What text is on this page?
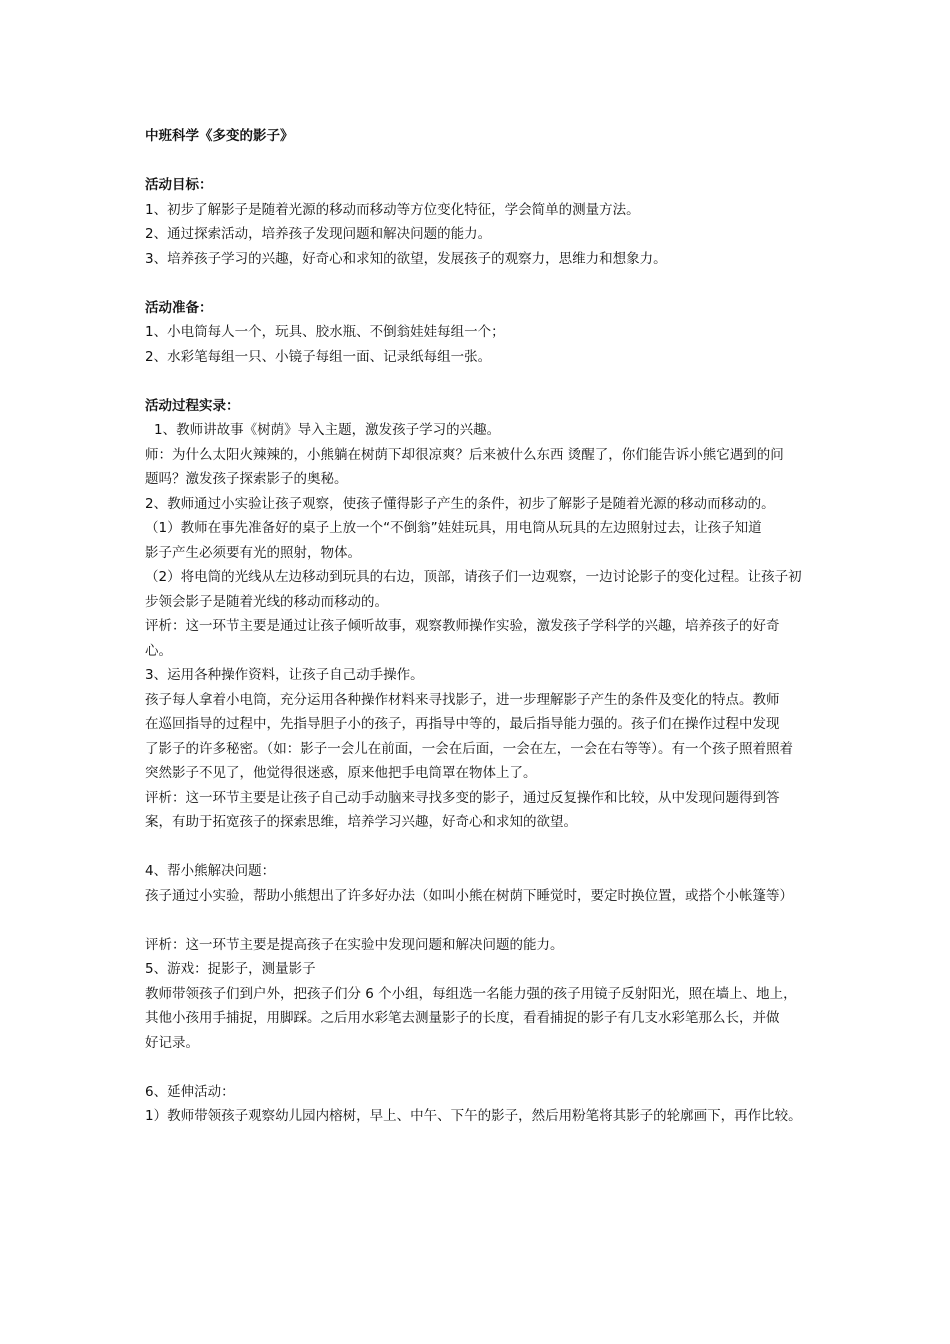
中班科学《多变的影子》
活动目标：
1、初步了解影子是随着光源的移动而移动等方位变化特征，学会简单的测量方法。
2、通过探索活动，培养孩子发现问题和解决问题的能力。
3、培养孩子学习的兴趣，好奇心和求知的欲望，发展孩子的观察力，思维力和想象力。
活动准备：
1、小电筒每人一个，玩具、胶水瓶、不倒翁娃娃每组一个；
2、水彩笔每组一只、小镜子每组一面、记录纸每组一张。
活动过程实录：
1、教师讲故事《树荫》导入主题，激发孩子学习的兴趣。
师：为什么太阳火辣辣的，小熊躺在树荫下却很凉爽？后来被什么东西 烫醒了，你们能告诉小熊它遇到的问
题吗？激发孩子探索影子的奥秘。
2、教师通过小实验让孩子观察，使孩子懂得影子产生的条件，初步了解影子是随着光源的移动而移动的。
（1）教师在事先准备好的桌子上放一个“不倒翁”娃娃玩具，用电筒从玩具的左边照射过去，让孩子知道
影子产生必须要有光的照射，物体。
（2）将电筒的光线从左边移动到玩具的右边，顶部，请孩子们一边观察，一边讨论影子的变化过程。让孩子初
步领会影子是随着光线的移动而移动的。
评析：这一环节主要是通过让孩子倾听故事，观察教师操作实验，激发孩子学科学的兴趣，培养孩子的好奇
心。
3、运用各种操作资料，让孩子自己动手操作。
孩子每人拿着小电筒，充分运用各种操作材料来寻找影子，进一步理解影子产生的条件及变化的特点。教师
在巡回指导的过程中，先指导胆子小的孩子，再指导中等的，最后指导能力强的。孩子们在操作过程中发现
了影子的许多秘密。（如：影子一会儿在前面，一会在后面，一会在左，一会在右等等）。有一个孩子照着照着
突然影子不见了，他觉得很迷惑，原来他把手电筒罩在物体上了。
评析：这一环节主要是让孩子自己动手动脑来寻找多变的影子，通过反复操作和比较，从中发现问题得到答
案，有助于拓宽孩子的探索思维，培养学习兴趣，好奇心和求知的欲望。
4、帮小熊解决问题：
孩子通过小实验，帮助小熊想出了许多好办法（如叫小熊在树荫下睡觉时，要定时换位置，或搭个小帐篷等）
评析：这一环节主要是提高孩子在实验中发现问题和解决问题的能力。
5、游戏：捉影子，测量影子
教师带领孩子们到户外，把孩子们分 6 个小组，每组选一名能力强的孩子用镜子反射阳光，照在墙上、地上，
其他小孩用手捕捉，用脚踩。之后用水彩笔去测量影子的长度，看看捕捉的影子有几支水彩笔那么长，并做
好记录。
6、延伸活动：
1）教师带领孩子观察幼儿园内榕树，早上、中午、下午的影子，然后用粉笔将其影子的轮廓画下，再作比较。
